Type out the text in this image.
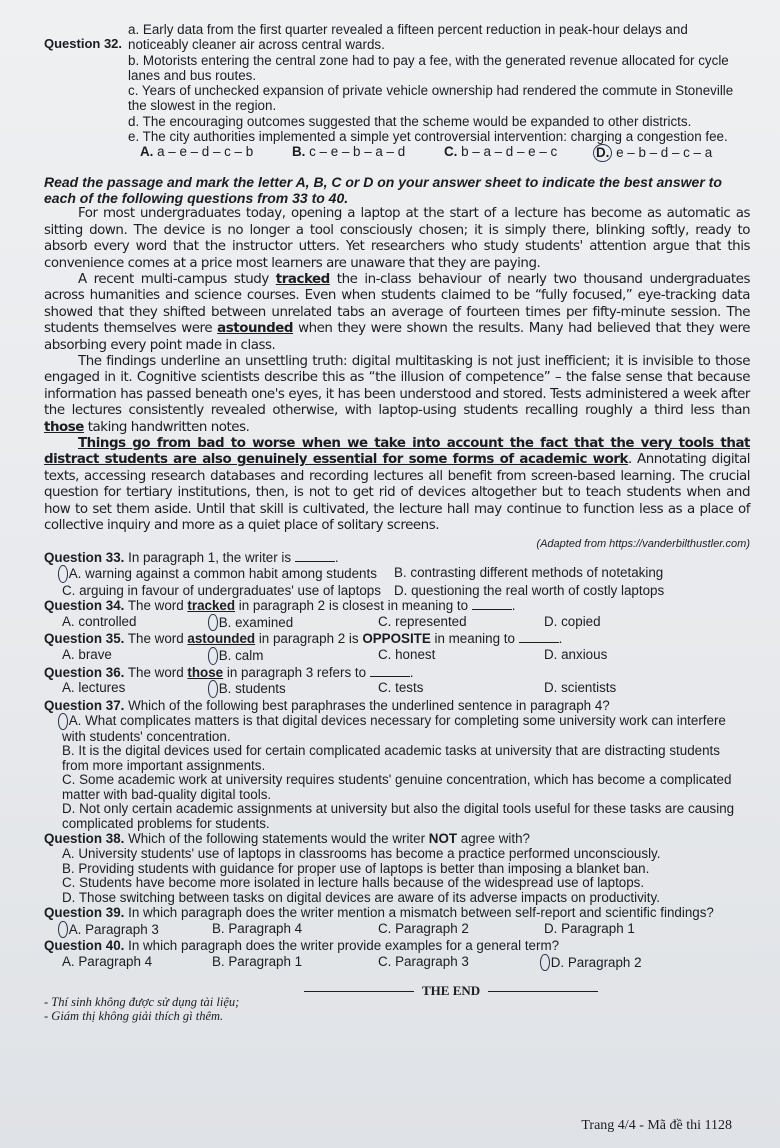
Question 32.
a. Early data from the first quarter revealed a fifteen percent reduction in peak-hour delays and noticeably cleaner air across central wards.
b. Motorists entering the central zone had to pay a fee, with the generated revenue allocated for cycle lanes and bus routes.
c. Years of unchecked expansion of private vehicle ownership had rendered the commute in Stoneville the slowest in the region.
d. The encouraging outcomes suggested that the scheme would be expanded to other districts.
e. The city authorities implemented a simple yet controversial intervention: charging a congestion fee.
A. a – e – d – c – b	B. c – e – b – a – d	C. b – a – d – e – c	D. e – b – d – c – a
Read the passage and mark the letter A, B, C or D on your answer sheet to indicate the best answer to each of the following questions from 33 to 40.

For most undergraduates today, opening a laptop at the start of a lecture has become as automatic as sitting down. The device is no longer a tool consciously chosen; it is simply there, blinking softly, ready to absorb every word that the instructor utters. Yet researchers who study students' attention argue that this convenience comes at a price most learners are unaware that they are paying.

A recent multi-campus study tracked the in-class behaviour of nearly two thousand undergraduates across humanities and science courses. Even when students claimed to be “fully focused,” eye-tracking data showed that they shifted between unrelated tabs an average of fourteen times per fifty-minute session. The students themselves were astounded when they were shown the results. Many had believed that they were absorbing every point made in class.

The findings underline an unsettling truth: digital multitasking is not just inefficient; it is invisible to those engaged in it. Cognitive scientists describe this as “the illusion of competence” – the false sense that because information has passed beneath one's eyes, it has been understood and stored. Tests administered a week after the lectures consistently revealed otherwise, with laptop-using students recalling roughly a third less than those taking handwritten notes.

Things go from bad to worse when we take into account the fact that the very tools that distract students are also genuinely essential for some forms of academic work. Annotating digital texts, accessing research databases and recording lectures all benefit from screen-based learning. The crucial question for tertiary institutions, then, is not to get rid of devices altogether but to teach students when and how to set them aside. Until that skill is cultivated, the lecture hall may continue to function less as a place of collective inquiry and more as a quiet place of solitary screens.

(Adapted from https://vanderbilthustler.com)
Question 33. In paragraph 1, the writer is	.
A. warning against a common habit among students	B. contrasting different methods of notetaking
C. arguing in favour of undergraduates' use of laptops D. questioning the real worth of costly laptops
Question 34. The word tracked in paragraph 2 is closest in meaning to	.
A. controlled	B. examined	C. represented	D. copied
Question 35. The word astounded in paragraph 2 is OPPOSITE in meaning to	.
A. brave	B. calm	C. honest	D. anxious
Question 36. The word those in paragraph 3 refers to	.
A. lectures	B. students	C. tests	D. scientists
Question 37. Which of the following best paraphrases the underlined sentence in paragraph 4?
A. What complicates matters is that digital devices necessary for completing some university work can interfere with students' concentration.
B. It is the digital devices used for certain complicated academic tasks at university that are distracting students from more important assignments.
C. Some academic work at university requires students' genuine concentration, which has become a complicated matter with bad-quality digital tools.
D. Not only certain academic assignments at university but also the digital tools useful for these tasks are causing complicated problems for students.
Question 38. Which of the following statements would the writer NOT agree with?
A. University students' use of laptops in classrooms has become a practice performed unconsciously.
B. Providing students with guidance for proper use of laptops is better than imposing a blanket ban.
C. Students have become more isolated in lecture halls because of the widespread use of laptops.
D. Those switching between tasks on digital devices are aware of its adverse impacts on productivity.
Question 39. In which paragraph does the writer mention a mismatch between self-report and scientific findings?
A. Paragraph 3	B. Paragraph 4	C. Paragraph 2	D. Paragraph 1
Question 40. In which paragraph does the writer provide examples for a general term?
A. Paragraph 4	B. Paragraph 1	C. Paragraph 3	D. Paragraph 2
THE END
- Thí sinh không được sử dụng tài liệu;
- Giám thị không giải thích gì thêm.
Trang 4/4 - Mã đề thi 1128
